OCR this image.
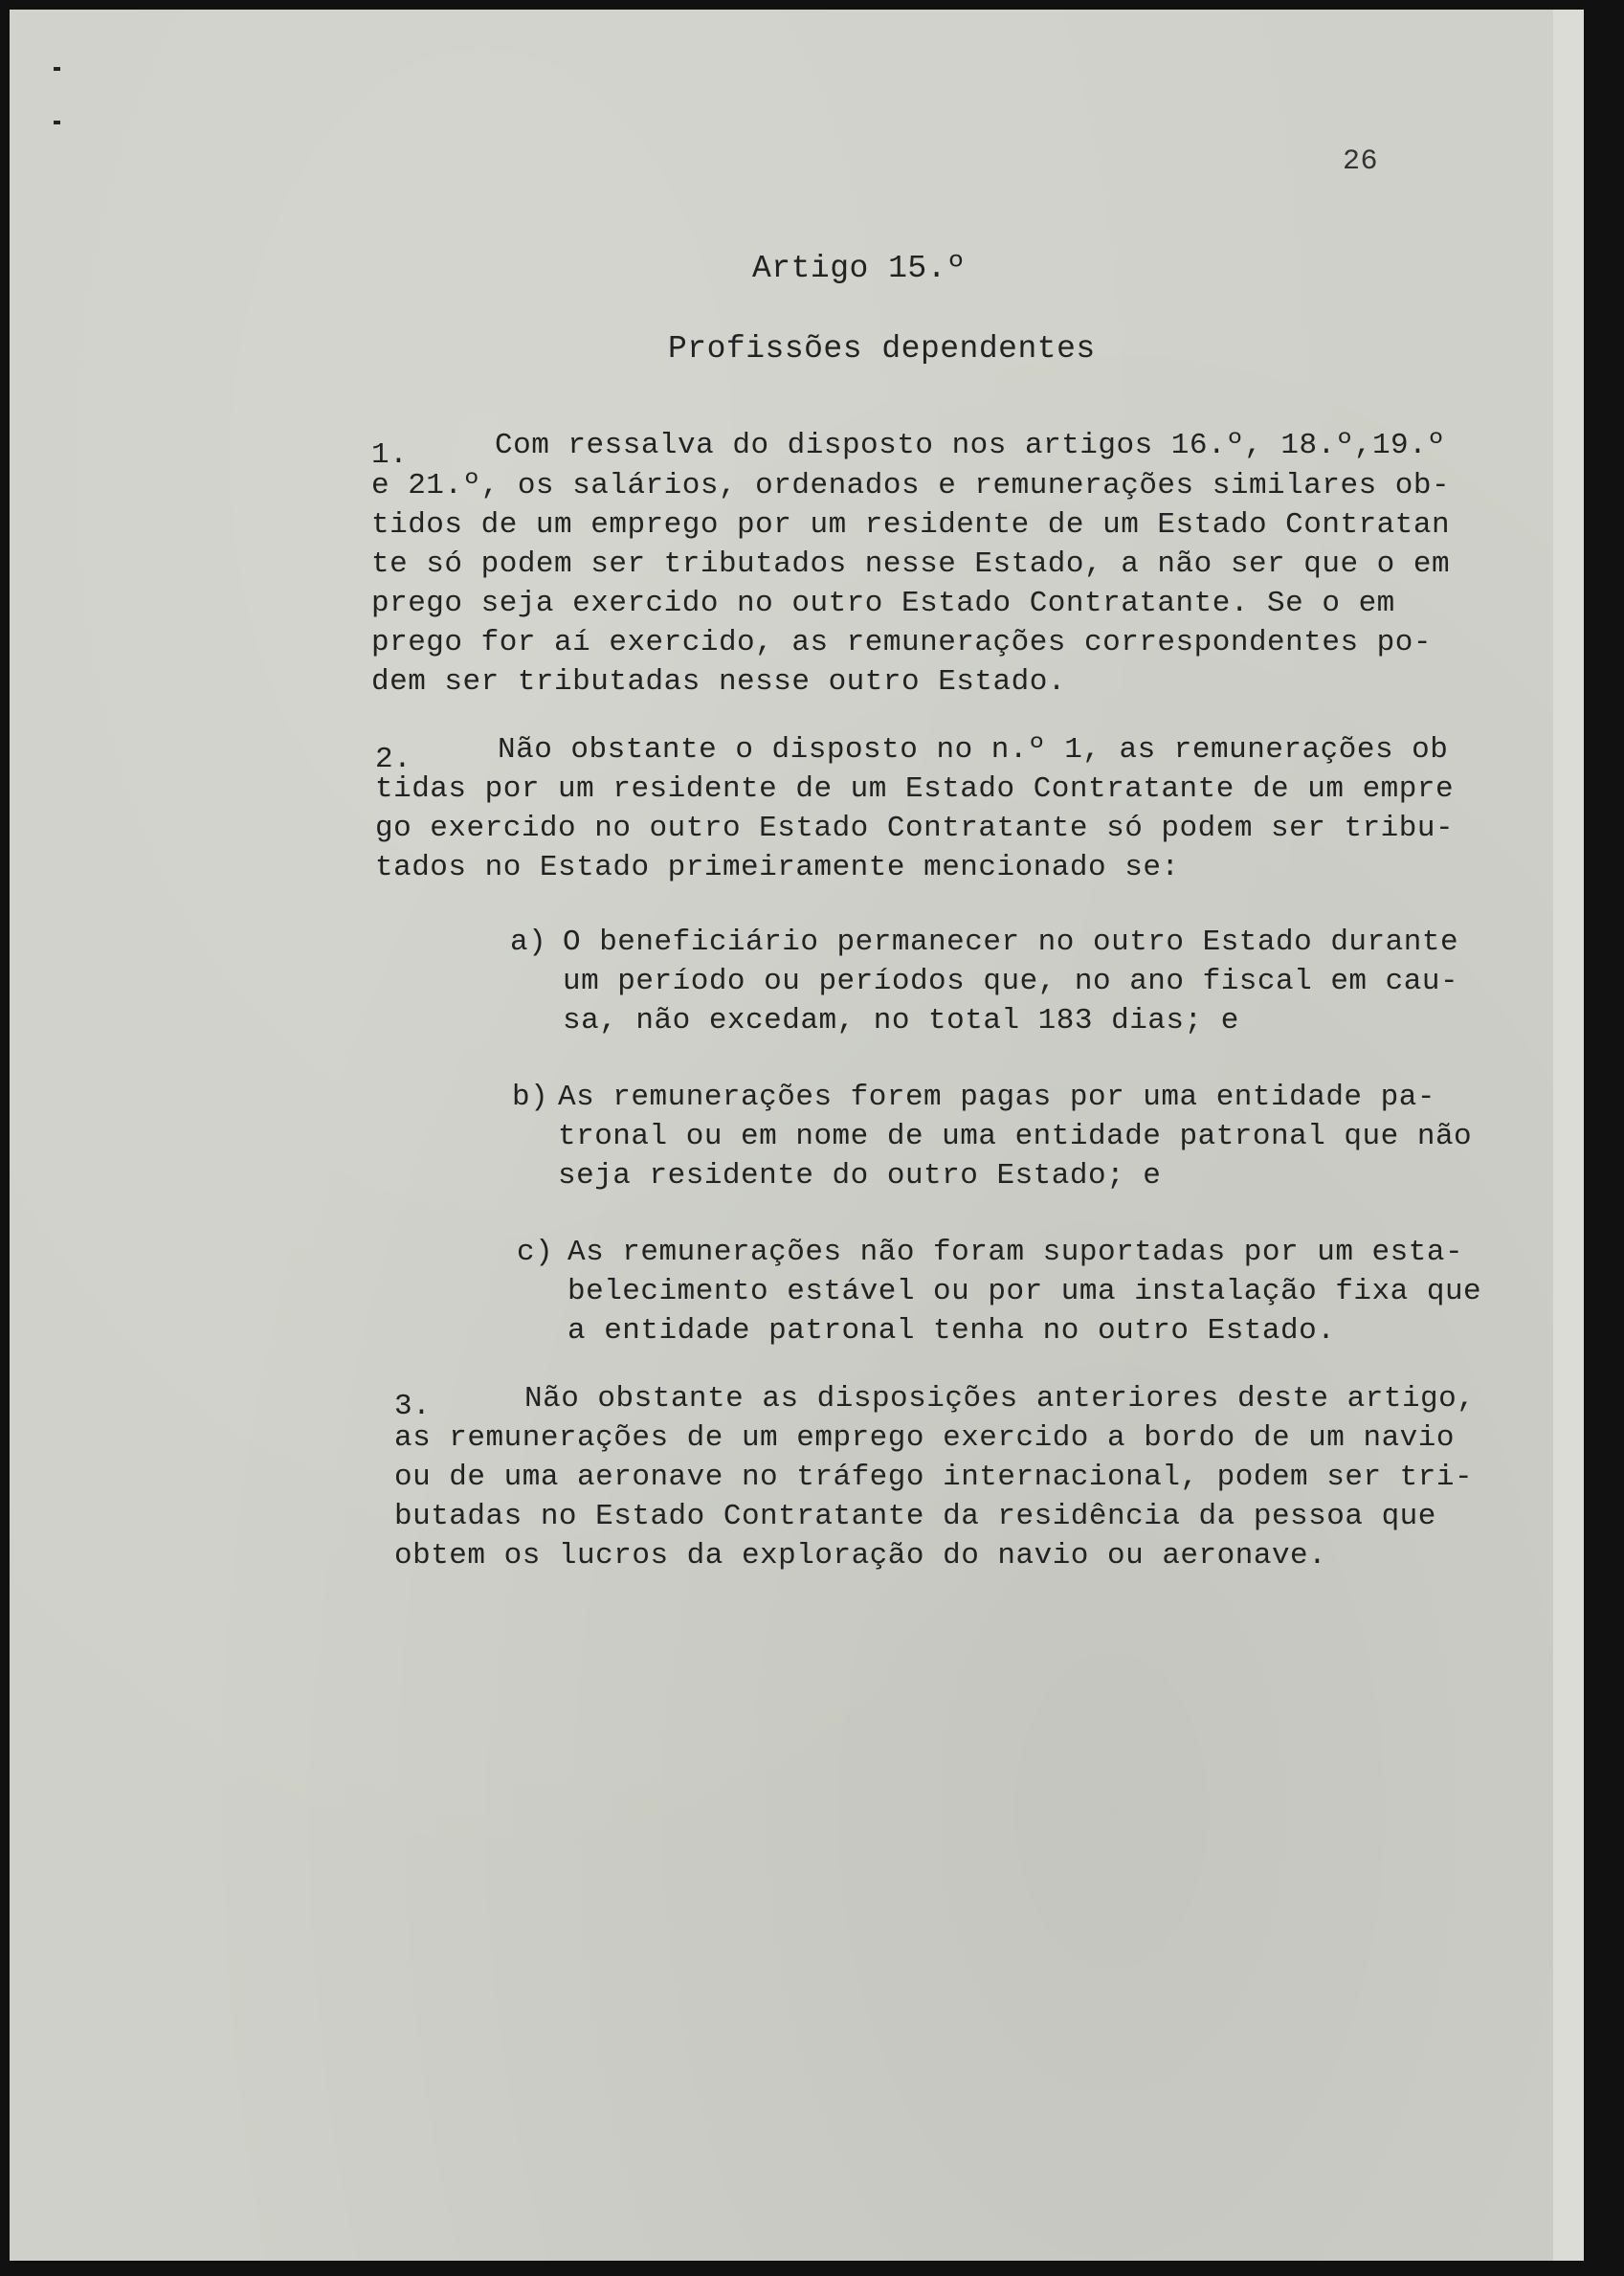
26

Artigo 15.º

Profissões dependentes

1.	Com ressalva do disposto nos artigos 16.º, 18.º,19.º

e 21.º, os salários, ordenados e remunerações similares ob-

tidos de um emprego por um residente de um Estado Contratan

te só podem ser tributados nesse Estado, a não ser que o em

prego seja exercido no outro Estado Contratante. Se o em

prego for aí exercido, as remunerações correspondentes po-

dem ser tributadas nesse outro Estado.

2.	Não obstante o disposto no n.º 1, as remunerações ob

tidas por um residente de um Estado Contratante de um empre

go exercido no outro Estado Contratante só podem ser tribu-

tados no Estado primeiramente mencionado se:

a) O beneficiário permanecer no outro Estado durante

um período ou períodos que, no ano fiscal em cau-

sa, não excedam, no total 183 dias; e

b) As remunerações forem pagas por uma entidade pa-

tronal ou em nome de uma entidade patronal que não

seja residente do outro Estado; e

c) As remunerações não foram suportadas por um esta-

belecimento estável ou por uma instalação fixa que

a entidade patronal tenha no outro Estado.

3.	Não obstante as disposições anteriores deste artigo,

as remunerações de um emprego exercido a bordo de um navio

ou de uma aeronave no tráfego internacional, podem ser tri-

butadas no Estado Contratante da residência da pessoa que

obtem os lucros da exploração do navio ou aeronave.
